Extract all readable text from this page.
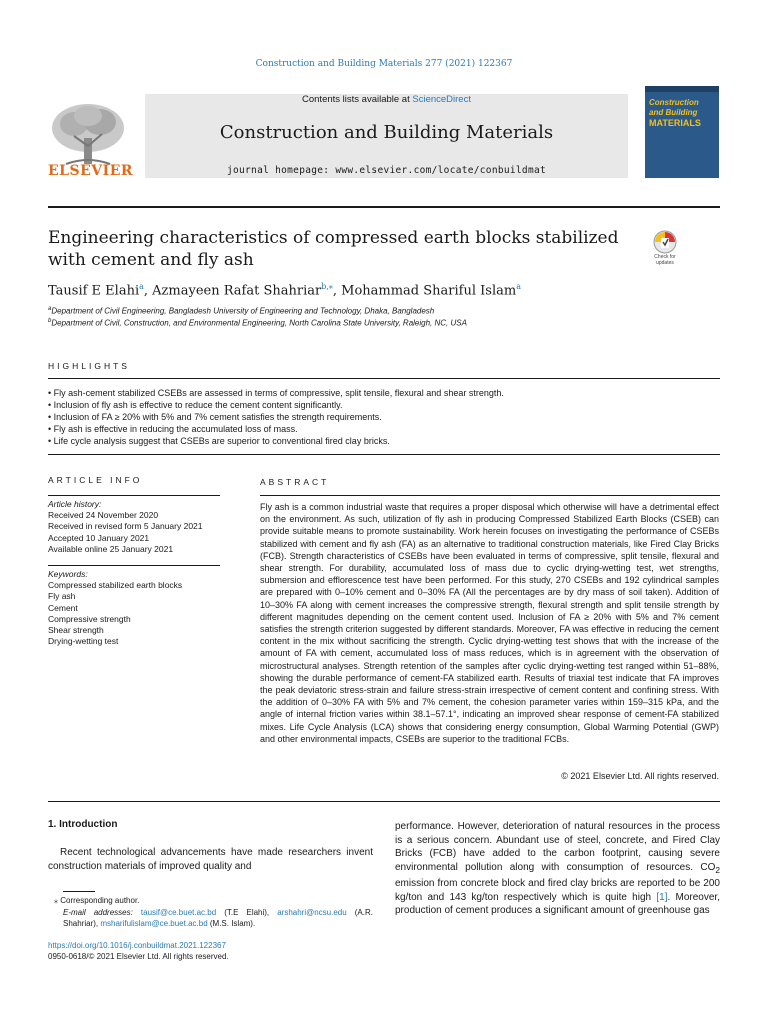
Construction and Building Materials 277 (2021) 122367
ELSEVIER
Contents lists available at ScienceDirect
Construction and Building Materials
journal homepage: www.elsevier.com/locate/conbuildmat
Construction
and Building
MATERIALS
Engineering characteristics of compressed earth blocks stabilized with cement and fly ash	Check for
updates
Tausif E Elahi$^a$, Azmayeen Rafat Shahriar$^{b,⁎}$, Mohammad Shariful Islam$^a$
$^a$Department of Civil Engineering, Bangladesh University of Engineering and Technology, Dhaka, Bangladesh
$^b$Department of Civil, Construction, and Environmental Engineering, North Carolina State University, Raleigh, NC, USA
HIGHLIGHTS
• Fly ash-cement stabilized CSEBs are assessed in terms of compressive, split tensile, flexural and shear strength.
• Inclusion of fly ash is effective to reduce the cement content significantly.
• Inclusion of FA ≥ 20% with 5% and 7% cement satisfies the strength requirements.
• Fly ash is effective in reducing the accumulated loss of mass.
• Life cycle analysis suggest that CSEBs are superior to conventional fired clay bricks.
ARTICLE INFO
Article history:
Received 24 November 2020
Received in revised form 5 January 2021
Accepted 10 January 2021
Available online 25 January 2021
Keywords:
Compressed stabilized earth blocks
Fly ash
Cement
Compressive strength
Shear strength
Drying-wetting test
ABSTRACT

Fly ash is a common industrial waste that requires a proper disposal which otherwise will have a detrimental effect on the environment. As such, utilization of fly ash in producing Compressed Stabilized Earth Blocks (CSEB) can provide suitable means to promote sustainability. Work herein focuses on investigating the performance of CSEBs stabilized with cement and fly ash (FA) as an alternative to traditional construction materials, like Fired Clay Bricks (FCB). Strength characteristics of CSEBs have been evaluated in terms of compressive, split tensile, flexural and shear strength. For durability, accumulated loss of mass due to cyclic drying-wetting test, wet strengths, submersion and efflorescence test have been performed. For this study, 270 CSEBs and 192 cylindrical samples are prepared with 0–10% cement and 0–30% FA (All the percentages are by dry mass of soil taken). Addition of 10–30% FA along with cement increases the compressive strength, flexural strength and split tensile strength by different magnitudes depending on the cement content used. Inclusion of FA ≥ 20% with 5% and 7% cement satisfies the strength criterion suggested by different standards. Moreover, FA was effective in reducing the cement content in the mix without sacrificing the strength. Cyclic drying-wetting test shows that with the increase of the amount of FA with cement, accumulated loss of mass reduces, which is in agreement with the observation of microstructural analyses. Strength retention of the samples after cyclic drying-wetting test ranged within 51–88%, showing the durable performance of cement-FA stabilized earth. Results of triaxial test indicate that FA improves the peak deviatoric stress-strain and failure stress-strain irrespective of cement content and confining stress. With the addition of 0–30% FA with 5% and 7% cement, the cohesion parameter varies within 159–315 kPa, and the angle of internal friction varies within 38.1–57.1°, indicating an improved shear response of cement-FA stabilized mixes. Life Cycle Analysis (LCA) shows that considering energy consumption, Global Warming Potential (GWP) and other environmental impacts, CSEBs are superior to the traditional FCBs.

© 2021 Elsevier Ltd. All rights reserved.
1. Introduction

Recent technological advancements have made researchers invent construction materials of improved quality and

performance. However, deterioration of natural resources in the process is a serious concern. Abundant use of steel, concrete, and Fired Clay Bricks (FCB) have added to the carbon footprint, causing severe environmental pollution along with consumption of resources. $CO_2$ emission from concrete block and fired clay bricks are reported to be 200 kg/ton and 143 kg/ton respectively which is quite high [1]. Moreover, production of cement produces a significant amount of greenhouse gas

⁎ Corresponding author.
E-mail addresses: tausif@ce.buet.ac.bd (T.E Elahi), arshahri@ncsu.edu (A.R. Shahriar), msharifulislam@ce.buet.ac.bd (M.S. Islam).
https://doi.org/10.1016/j.conbuildmat.2021.122367
0950-0618/© 2021 Elsevier Ltd. All rights reserved.
